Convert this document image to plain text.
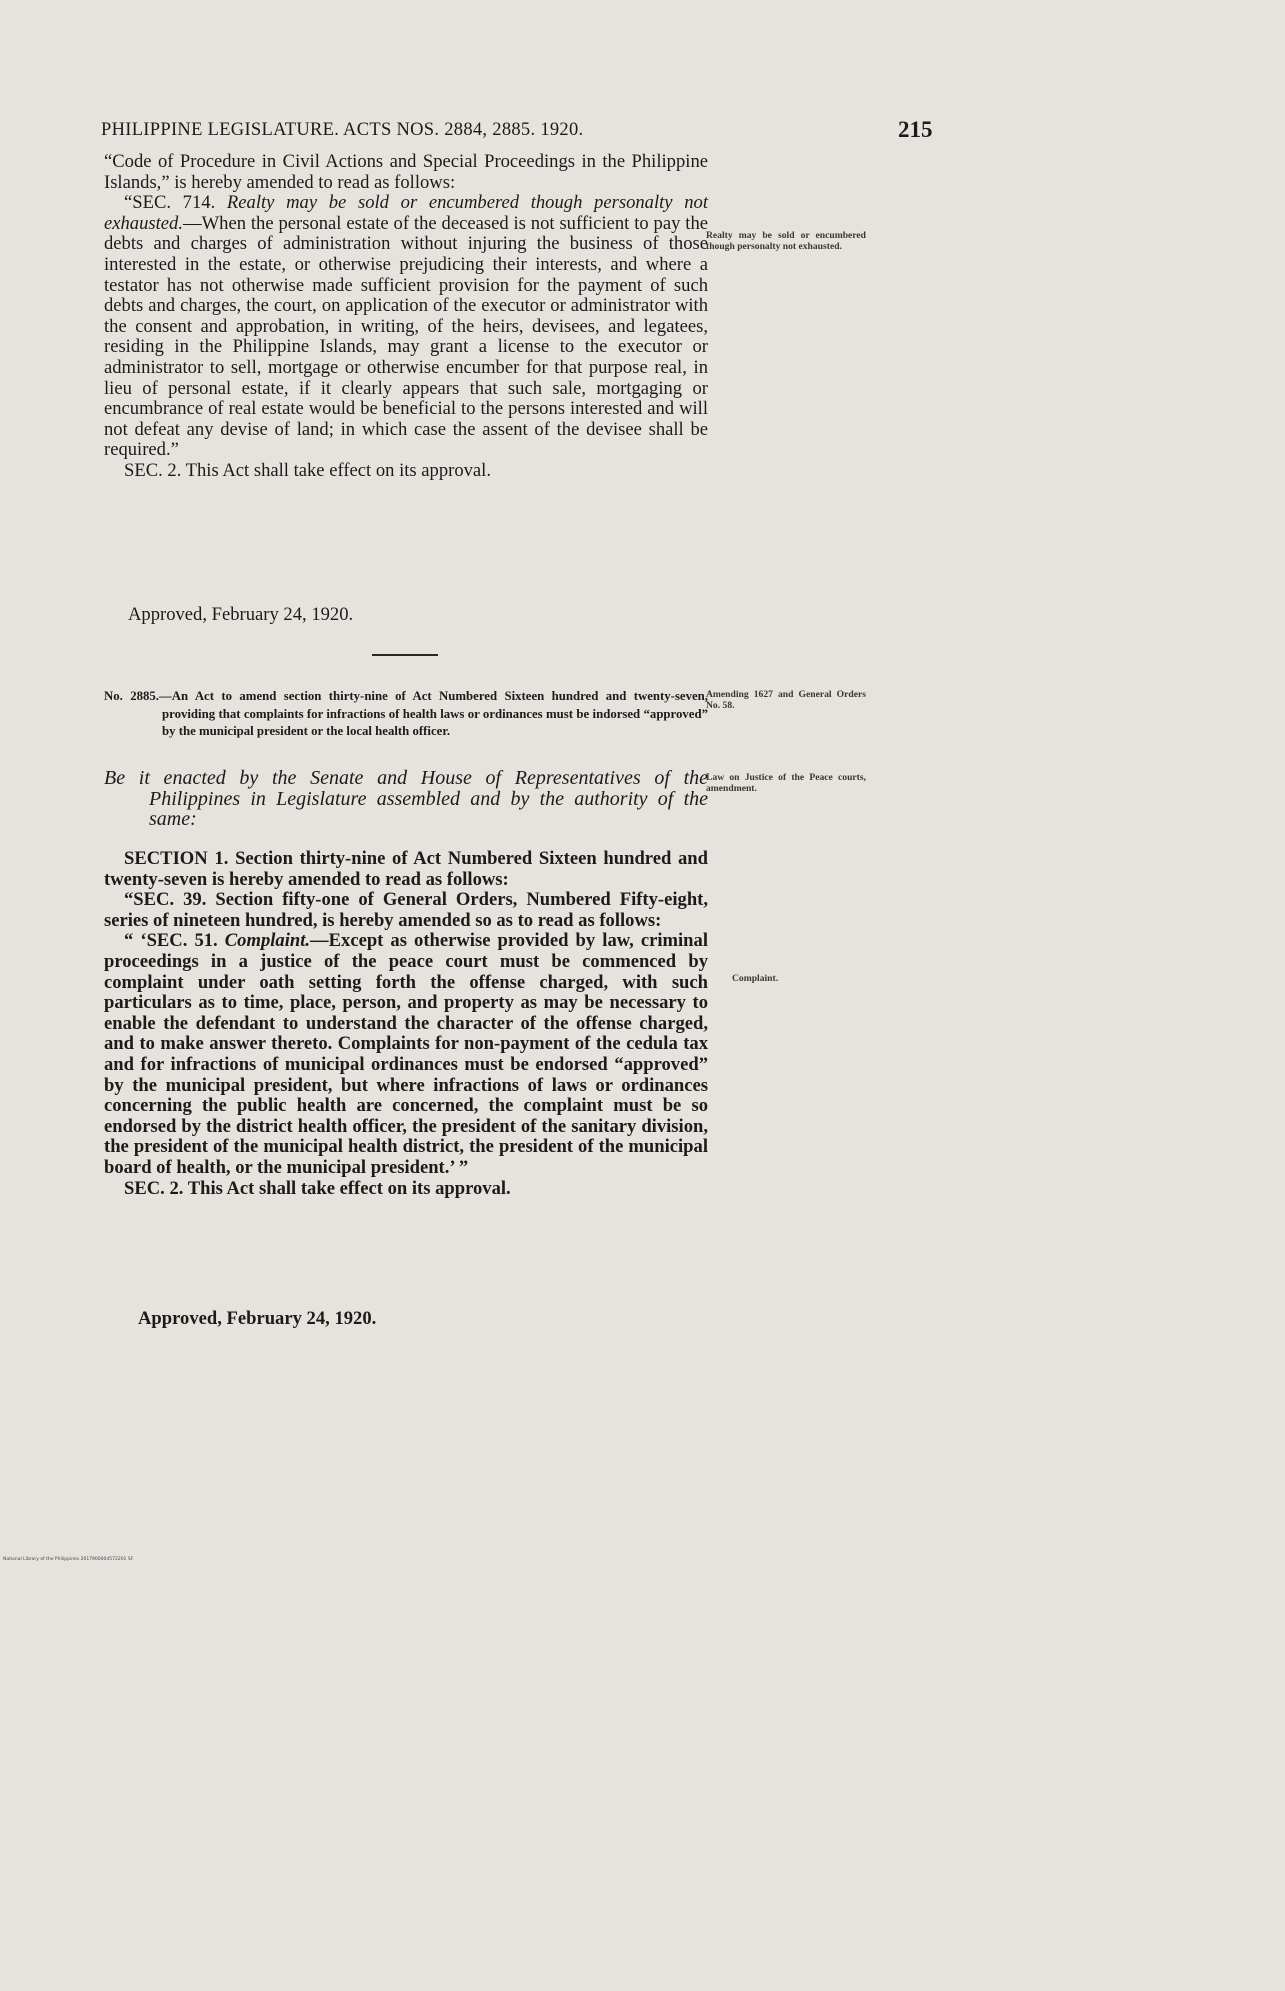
PHILIPPINE LEGISLATURE. ACTS NOS. 2884, 2885. 1920.	215

“Code of Procedure in Civil Actions and Special Proceedings in the Philippine Islands,” is hereby amended to read as follows:

“SEC. 714. Realty may be sold or encumbered though personalty not exhausted.—When the personal estate of the deceased is not sufficient to pay the debts and charges of administration without injuring the business of those interested in the estate, or otherwise prejudicing their interests, and where a testator has not otherwise made sufficient provision for the payment of such debts and charges, the court, on application of the executor or administrator with the consent and approbation, in writing, of the heirs, devisees, and legatees, residing in the Philippine Islands, may grant a license to the executor or administrator to sell, mortgage or otherwise encumber for that purpose real, in lieu of personal estate, if it clearly appears that such sale, mortgaging or encumbrance of real estate would be beneficial to the persons interested and will not defeat any devise of land; in which case the assent of the devisee shall be required.”

SEC. 2. This Act shall take effect on its approval.

Approved, February 24, 1920.
No. 2885.—An Act to amend section thirty-nine of Act Numbered Sixteen hundred and twenty-seven, providing that complaints for infractions of health laws or ordinances must be indorsed “approved” by the municipal president or the local health officer.
Be it enacted by the Senate and House of Representatives of the Philippines in Legislature assembled and by the authority of the same:

SECTION 1. Section thirty-nine of Act Numbered Sixteen hundred and twenty-seven is hereby amended to read as follows:

“SEC. 39. Section fifty-one of General Orders, Numbered Fifty-eight, series of nineteen hundred, is hereby amended so as to read as follows:

“ ‘SEC. 51. Complaint.—Except as otherwise provided by law, criminal proceedings in a justice of the peace court must be commenced by complaint under oath setting forth the offense charged, with such particulars as to time, place, person, and property as may be necessary to enable the defendant to understand the character of the offense charged, and to make answer thereto. Complaints for non-payment of the cedula tax and for infractions of municipal ordinances must be endorsed “approved” by the municipal president, but where infractions of laws or ordinances concerning the public health are concerned, the complaint must be so endorsed by the district health officer, the president of the sanitary division, the president of the municipal health district, the president of the municipal board of health, or the municipal president.’ ”

SEC. 2. This Act shall take effect on its approval.

Approved, February 24, 1920.
Realty may be sold or encumbered though personalty not exhausted.
Amending 1627 and General Orders No. 58.
Law on Justice of the Peace courts, amendment.
Complaint.
National Library of the Philippines 2017900004572201 SF
